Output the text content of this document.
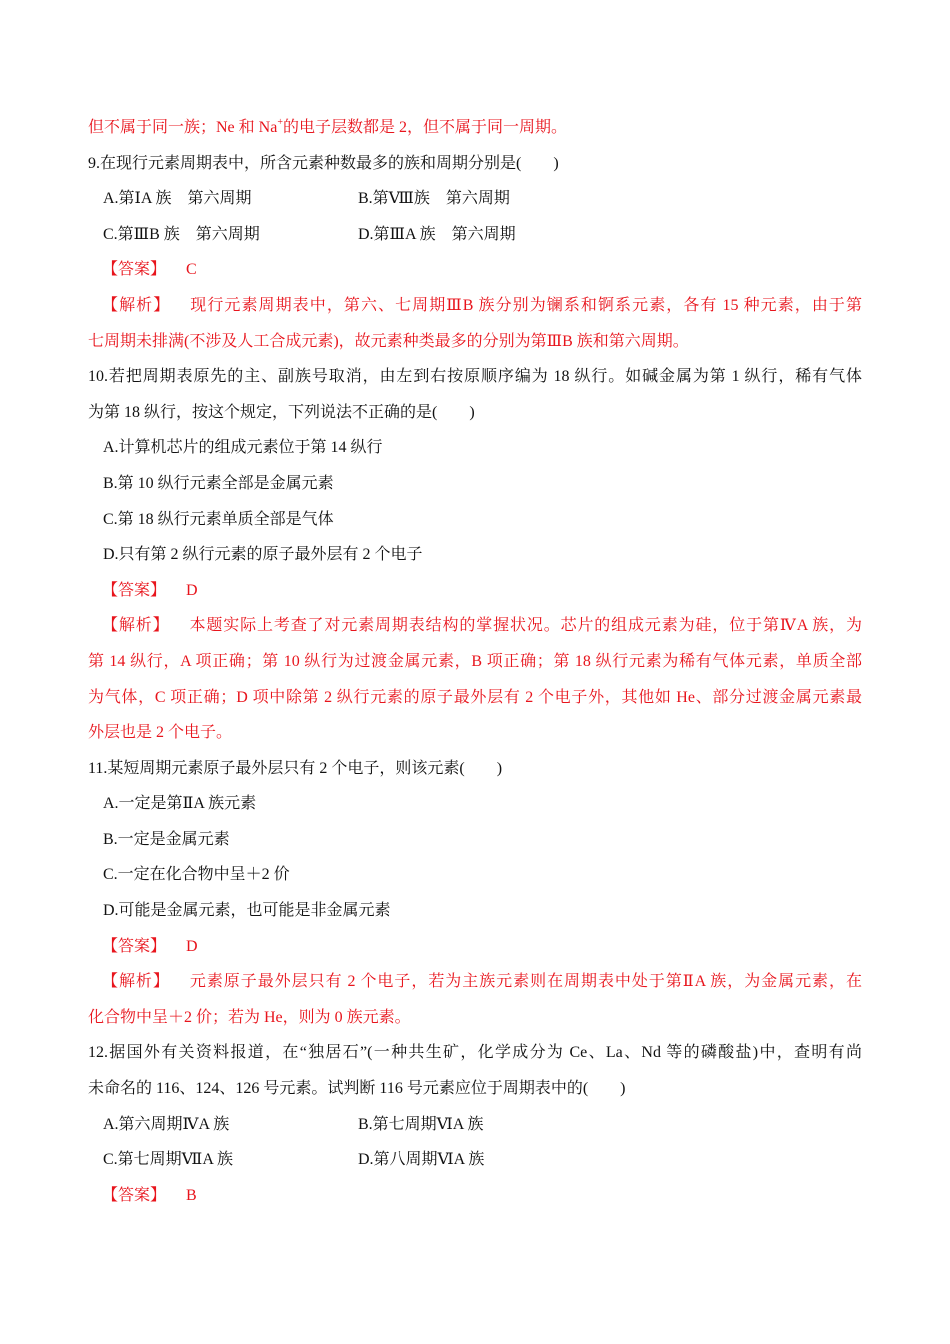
但不属于同一族；Ne 和 Na+的电子层数都是 2，但不属于同一周期。
9.在现行元素周期表中，所含元素种数最多的族和周期分别是(　　)
A.第ⅠA 族　第六周期	B.第Ⅷ族　第六周期
C.第ⅢB 族　第六周期	D.第ⅢA 族　第六周期
【答案】 C
【解析】 现行元素周期表中，第六、七周期ⅢB 族分别为镧系和锕系元素，各有 15 种元素，由于第
七周期未排满(不涉及人工合成元素)，故元素种类最多的分别为第ⅢB 族和第六周期。
10.若把周期表原先的主、副族号取消，由左到右按原顺序编为 18 纵行。如碱金属为第 1 纵行，稀有气体
为第 18 纵行，按这个规定，下列说法不正确的是(　　)
A.计算机芯片的组成元素位于第 14 纵行
B.第 10 纵行元素全部是金属元素
C.第 18 纵行元素单质全部是气体
D.只有第 2 纵行元素的原子最外层有 2 个电子
【答案】 D
【解析】 本题实际上考查了对元素周期表结构的掌握状况。芯片的组成元素为硅，位于第ⅣA 族，为
第 14 纵行，A 项正确；第 10 纵行为过渡金属元素，B 项正确；第 18 纵行元素为稀有气体元素，单质全部
为气体，C 项正确；D 项中除第 2 纵行元素的原子最外层有 2 个电子外，其他如 He、部分过渡金属元素最
外层也是 2 个电子。
11.某短周期元素原子最外层只有 2 个电子，则该元素(　　)
A.一定是第ⅡA 族元素
B.一定是金属元素
C.一定在化合物中呈＋2 价
D.可能是金属元素，也可能是非金属元素
【答案】 D
【解析】 元素原子最外层只有 2 个电子，若为主族元素则在周期表中处于第ⅡA 族，为金属元素，在
化合物中呈＋2 价；若为 He，则为 0 族元素。
12.据国外有关资料报道，在“独居石”(一种共生矿，化学成分为 Ce、La、Nd 等的磷酸盐)中，查明有尚
未命名的 116、124、126 号元素。试判断 116 号元素应位于周期表中的(　　)
A.第六周期ⅣA 族	B.第七周期ⅥA 族
C.第七周期ⅦA 族	D.第八周期ⅥA 族
【答案】 B
